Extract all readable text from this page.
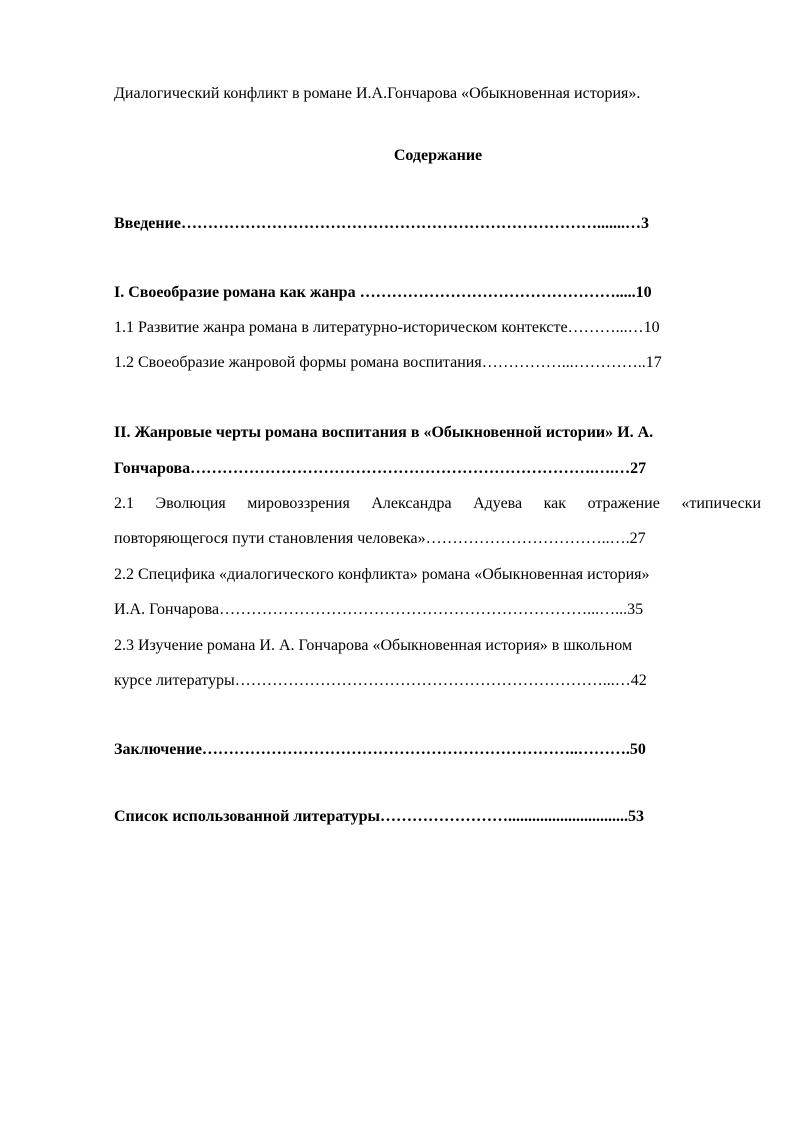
Диалогический конфликт в романе И.А.Гончарова «Обыкновенная история».
Содержание
Введение…………………………………………………………………….......…3
I. Своеобразие романа как жанра ………………………………………….....10
1.1 Развитие жанра романа в литературно-историческом контексте………...…10
1.2 Своеобразие жанровой формы романа воспитания……………...…………..17
II. Жанровые черты романа воспитания в «Обыкновенной истории» И. А.
Гончарова………………………………………………………………….….…27
2.1 Эволюция мировоззрения Александра Адуева как отражение «типически
повторяющегося пути становления человека»……………………………..….27
2.2 Специфика «диалогического конфликта» романа «Обыкновенная история»
И.А. Гончарова……………………………………………………………...…...35
2.3 Изучение романа И. А. Гончарова «Обыкновенная история» в школьном
курсе литературы……………………………………………………………...…42
Заключение……………………………………………………………..……….50
Список использованной литературы……………………..............................53
